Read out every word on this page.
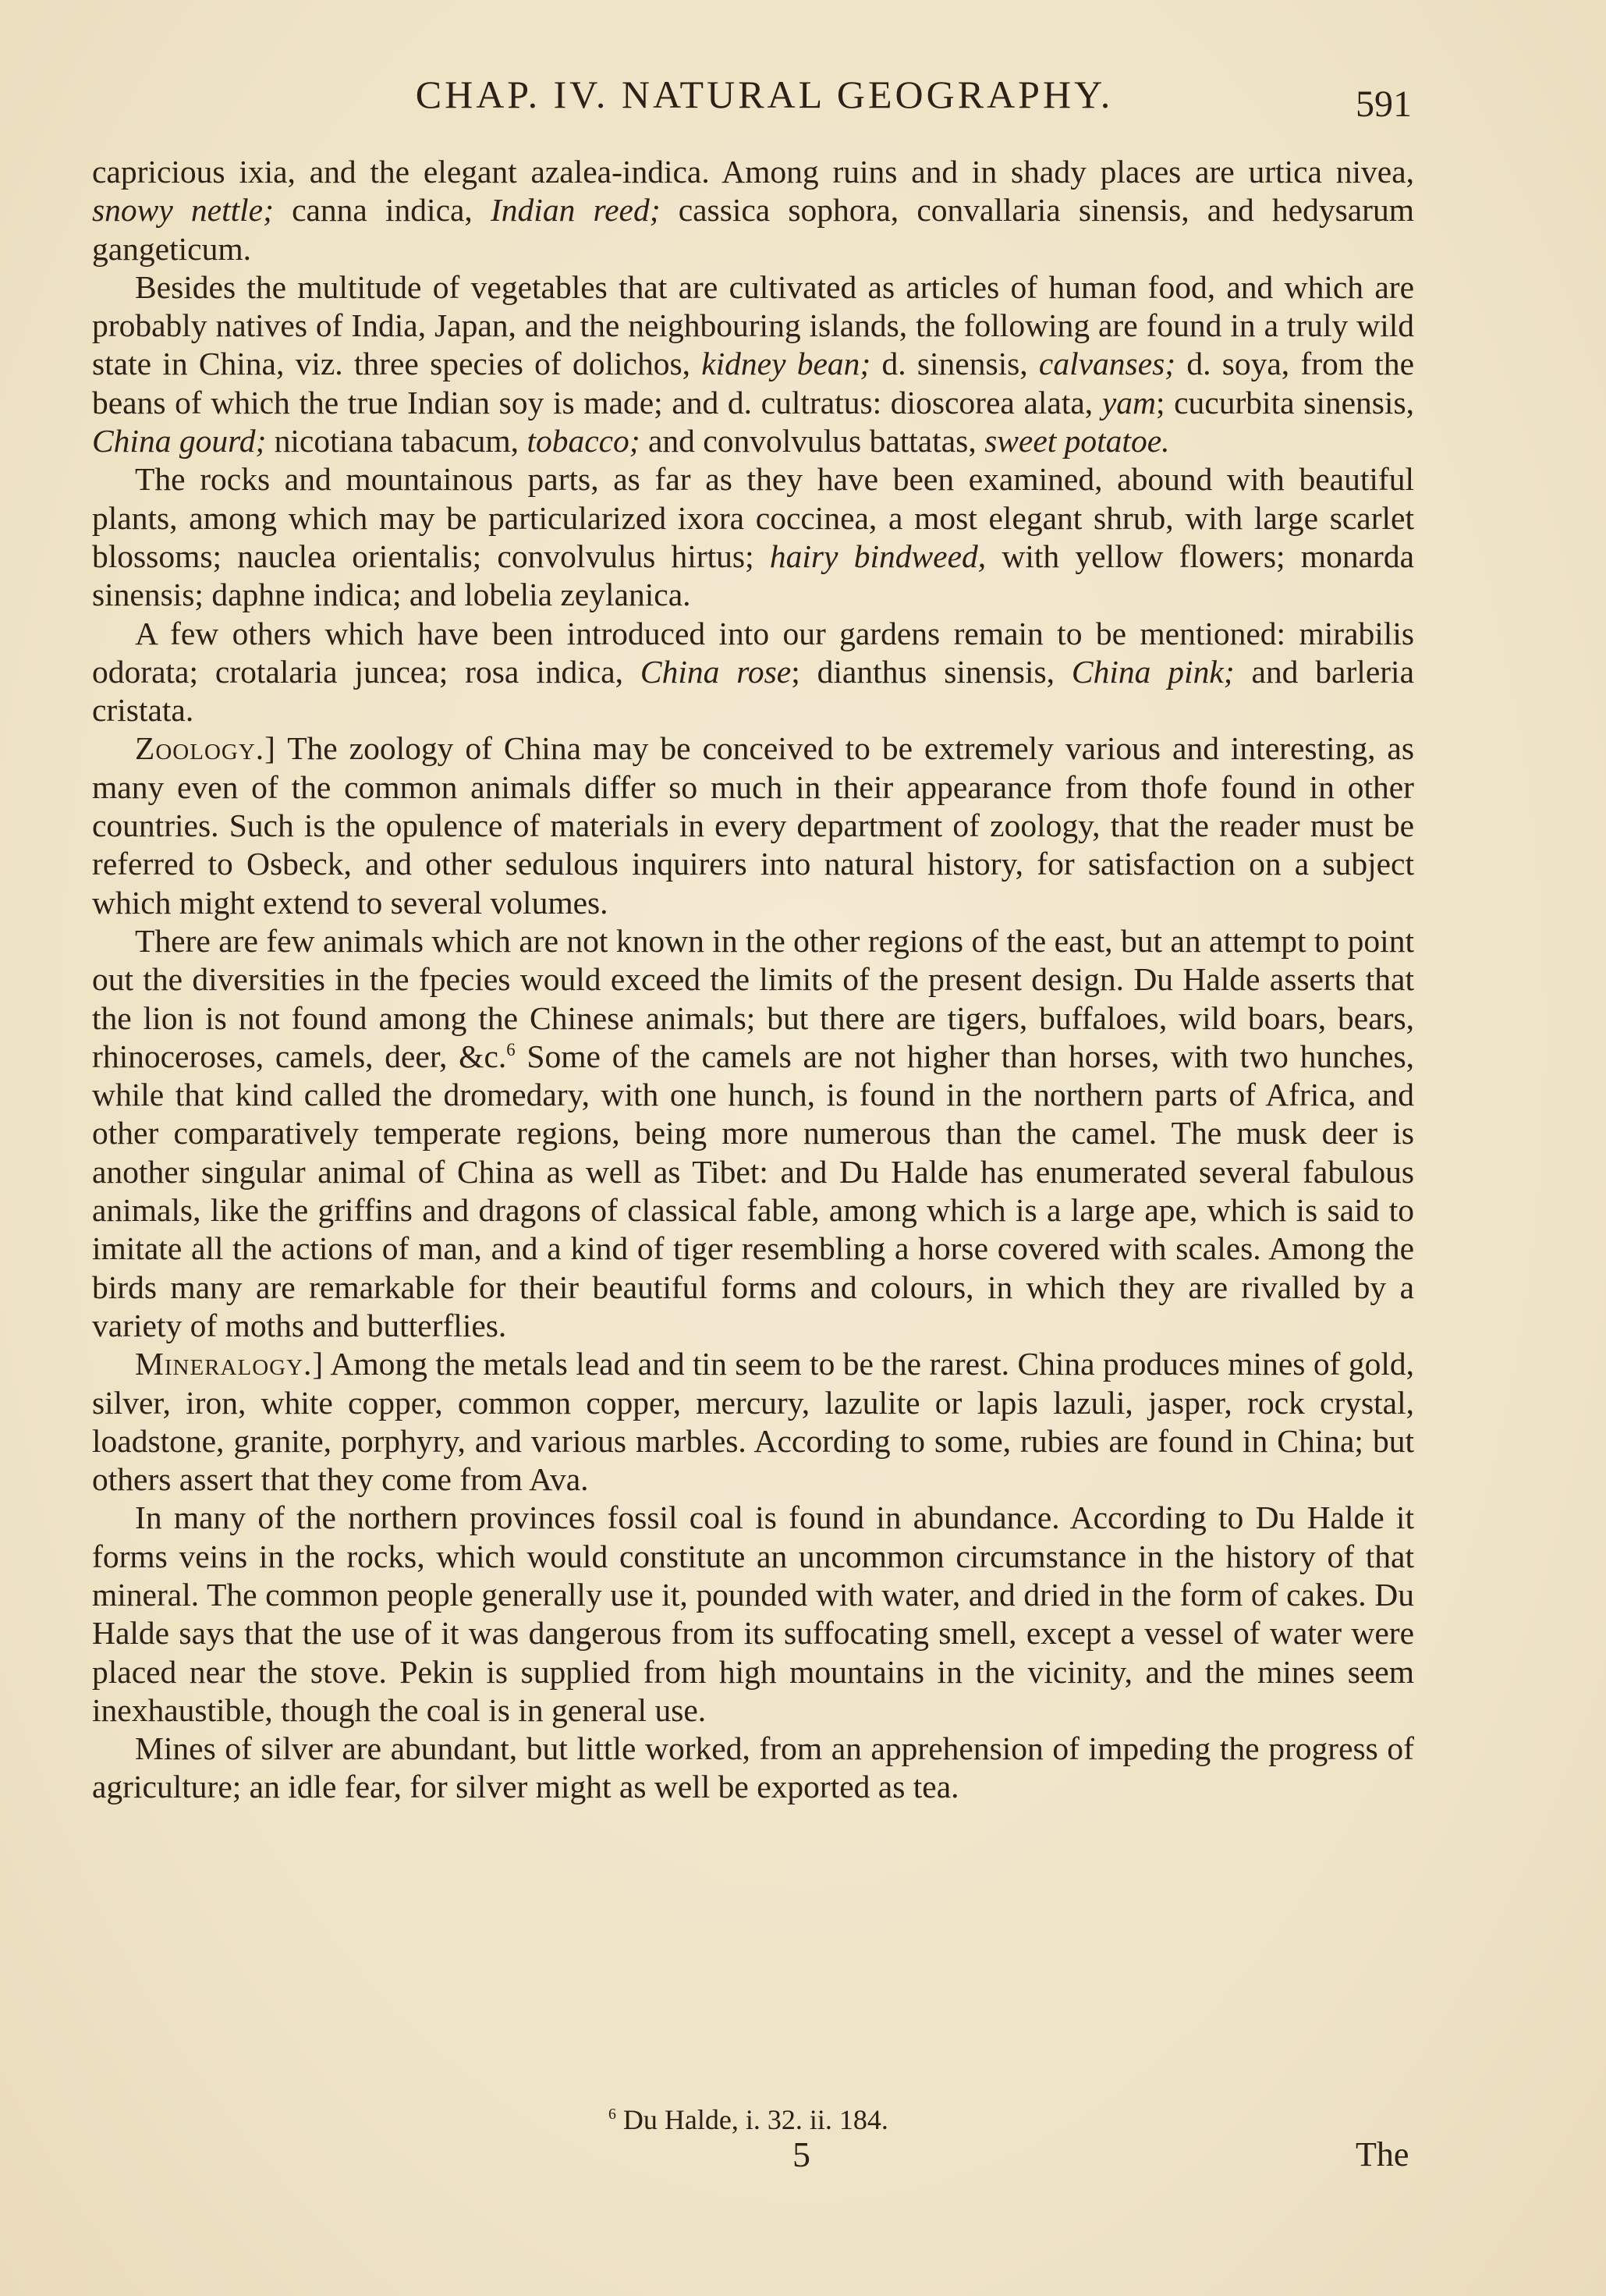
CHAP. IV. NATURAL GEOGRAPHY.	591

capricious ixia, and the elegant azalea-indica. Among ruins and in shady places are urtica nivea, snowy nettle; canna indica, Indian reed; cassica sophora, convallaria sinensis, and hedysarum gangeticum.

Besides the multitude of vegetables that are cultivated as articles of human food, and which are probably natives of India, Japan, and the neighbouring islands, the following are found in a truly wild state in China, viz. three species of dolichos, kidney bean; d. sinensis, calvanses; d. soya, from the beans of which the true Indian soy is made; and d. cultratus: dioscorea alata, yam; cucurbita sinensis, China gourd; nicotiana tabacum, tobacco; and convolvulus battatas, sweet potatoe.

The rocks and mountainous parts, as far as they have been examined, abound with beautiful plants, among which may be particularized ixora coccinea, a most elegant shrub, with large scarlet blossoms; nauclea orientalis; convolvulus hirtus; hairy bindweed, with yellow flowers; monarda sinensis; daphne indica; and lobelia zeylanica.

A few others which have been introduced into our gardens remain to be mentioned: mirabilis odorata; crotalaria juncea; rosa indica, China rose; dianthus sinensis, China pink; and barleria cristata.

Zoology.] The zoology of China may be conceived to be extremely various and interesting, as many even of the common animals differ so much in their appearance from thofe found in other countries. Such is the opulence of materials in every department of zoology, that the reader must be referred to Osbeck, and other sedulous inquirers into natural history, for satisfaction on a subject which might extend to several volumes.

There are few animals which are not known in the other regions of the east, but an attempt to point out the diversities in the fpecies would exceed the limits of the present design. Du Halde asserts that the lion is not found among the Chinese animals; but there are tigers, buffaloes, wild boars, bears, rhinoceroses, camels, deer, &c.$^6$ Some of the camels are not higher than horses, with two hunches, while that kind called the dromedary, with one hunch, is found in the northern parts of Africa, and other comparatively temperate regions, being more numerous than the camel. The musk deer is another singular animal of China as well as Tibet: and Du Halde has enumerated several fabulous animals, like the griffins and dragons of classical fable, among which is a large ape, which is said to imitate all the actions of man, and a kind of tiger resembling a horse covered with scales. Among the birds many are remarkable for their beautiful forms and colours, in which they are rivalled by a variety of moths and butterflies.

Mineralogy.] Among the metals lead and tin seem to be the rarest. China produces mines of gold, silver, iron, white copper, common copper, mercury, lazulite or lapis lazuli, jasper, rock crystal, loadstone, granite, porphyry, and various marbles. According to some, rubies are found in China; but others assert that they come from Ava.

In many of the northern provinces fossil coal is found in abundance. According to Du Halde it forms veins in the rocks, which would constitute an uncommon circumstance in the history of that mineral. The common people generally use it, pounded with water, and dried in the form of cakes. Du Halde says that the use of it was dangerous from its suffocating smell, except a vessel of water were placed near the stove. Pekin is supplied from high mountains in the vicinity, and the mines seem inexhaustible, though the coal is in general use.

Mines of silver are abundant, but little worked, from an apprehension of impeding the progress of agriculture; an idle fear, for silver might as well be exported as tea.

$^6$ Du Halde, i. 32. ii. 184.
5	The
